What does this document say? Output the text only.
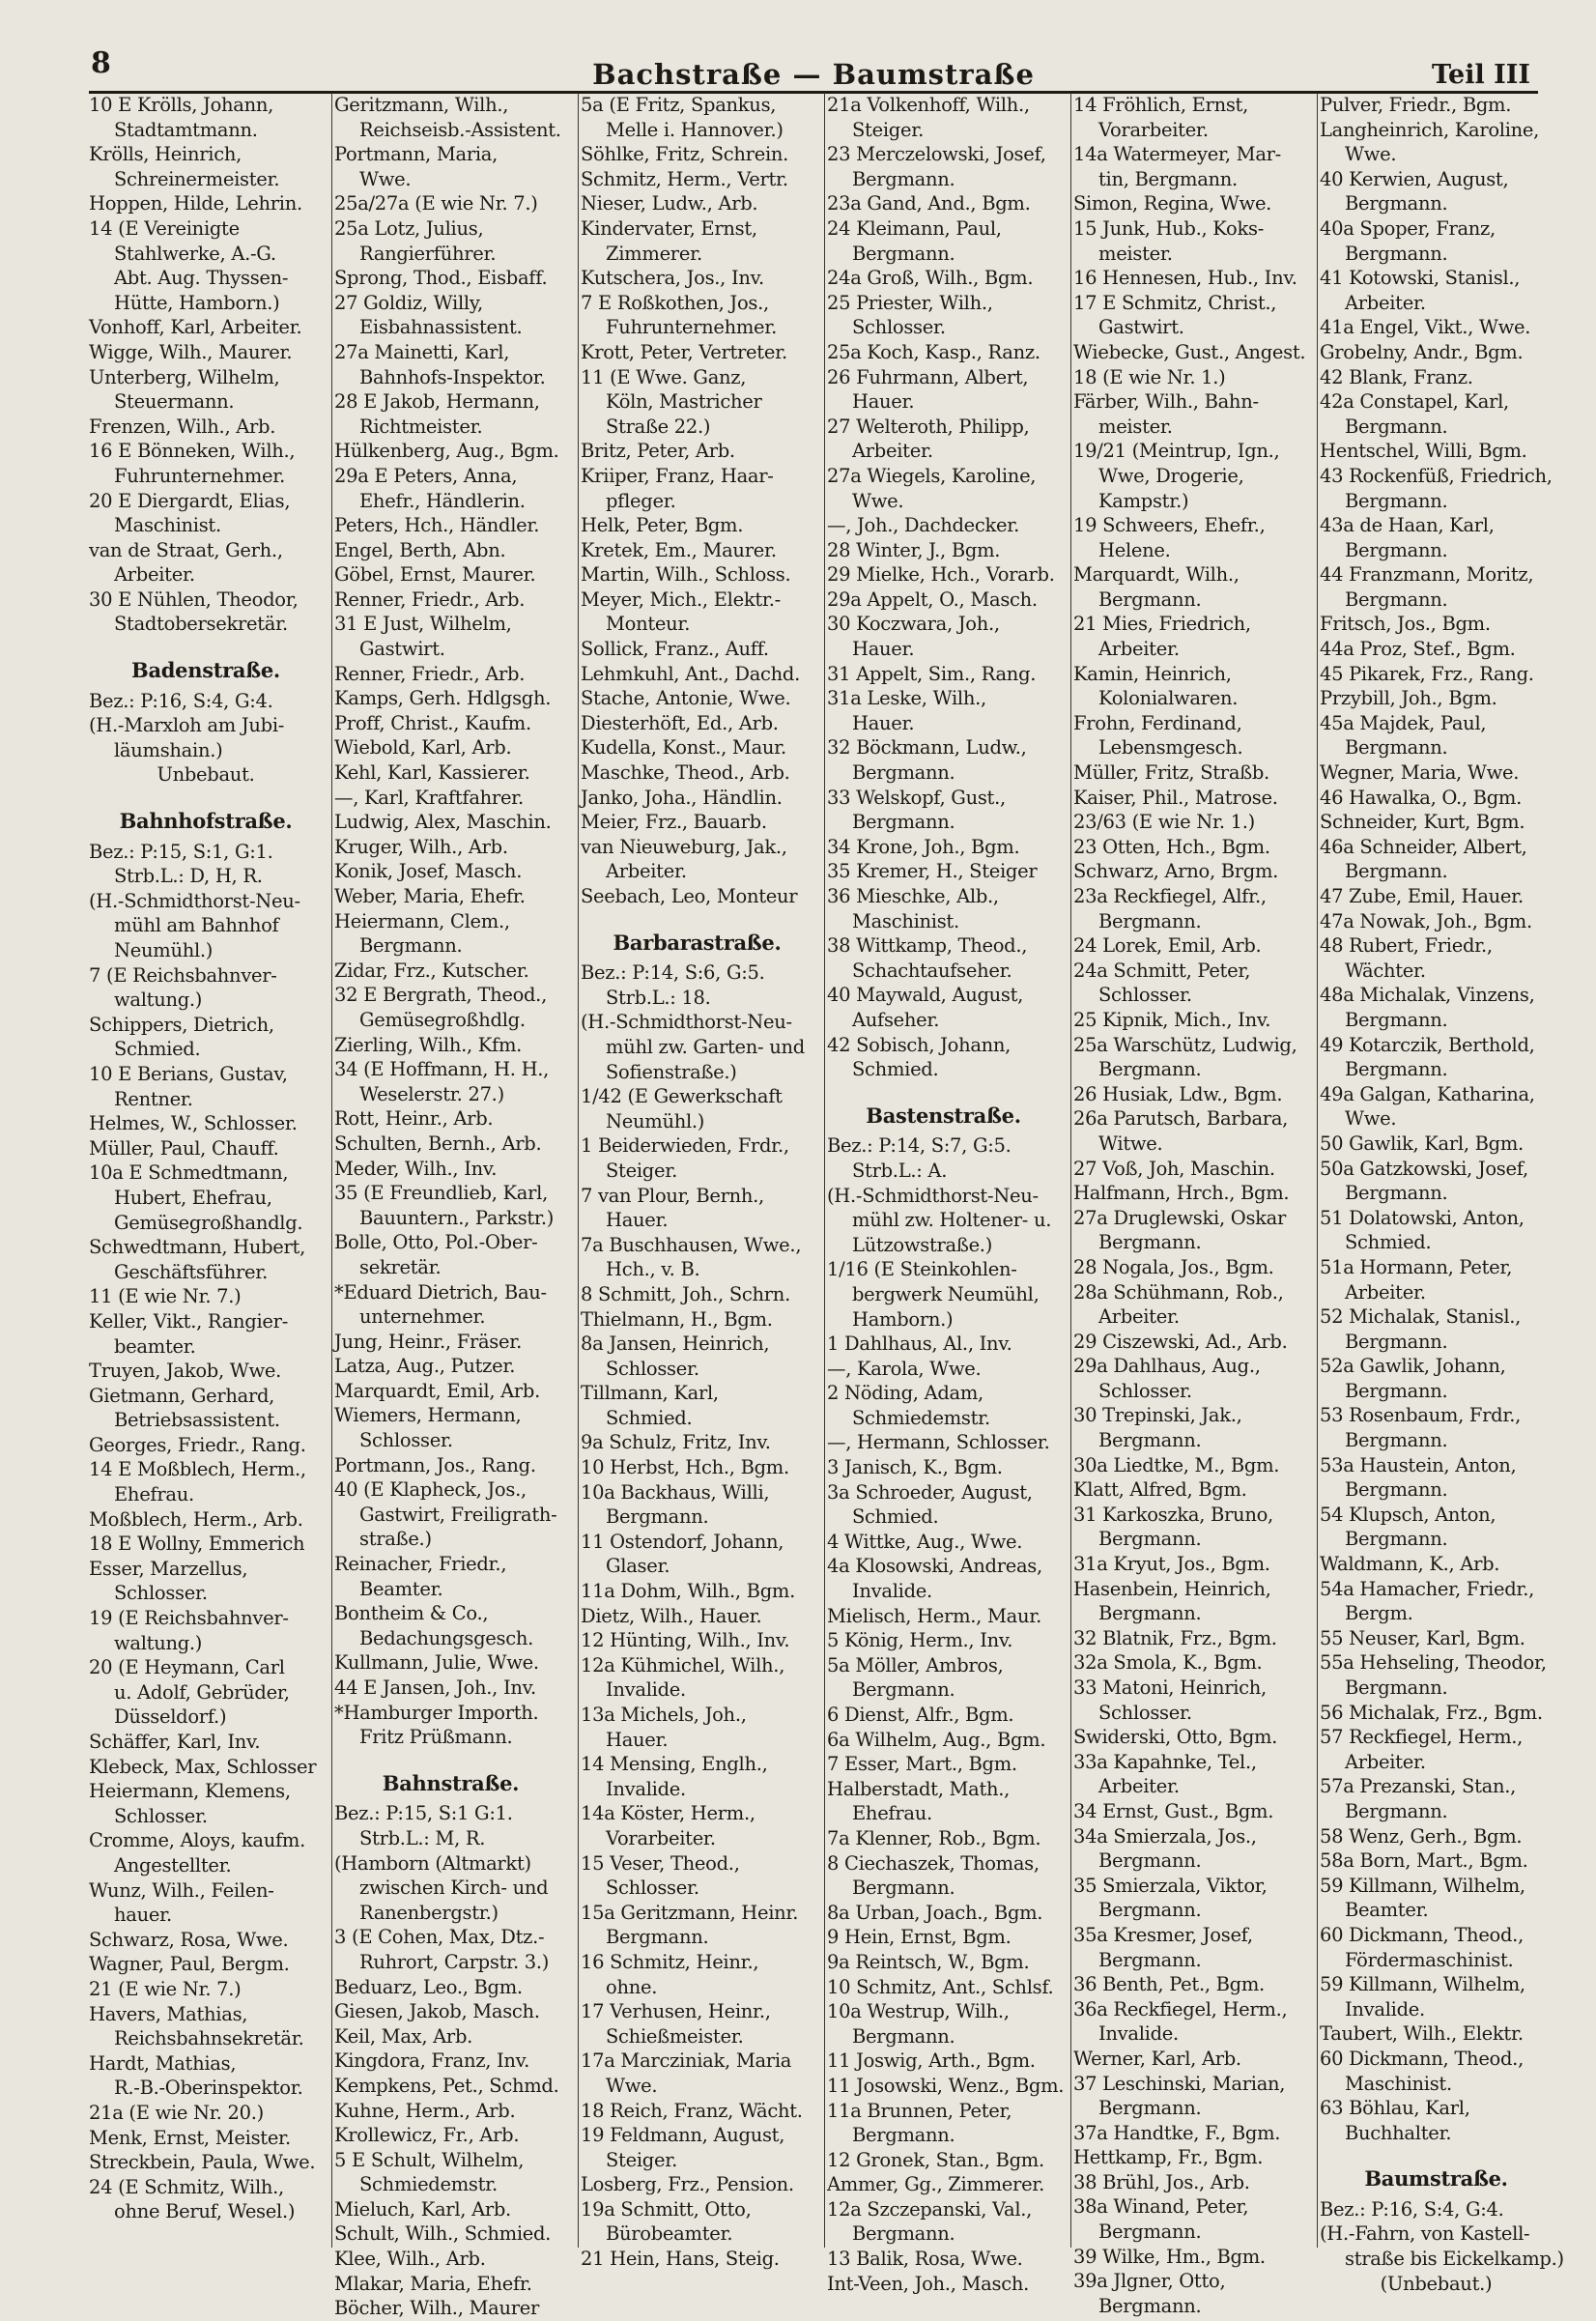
8	Bachstraße — Baumstraße	Teil III
10 E Krölls, Johann,
Stadtamtmann.
Krölls, Heinrich,
Schreinermeister.
Hoppen, Hilde, Lehrin.
14 (E Vereinigte
Stahlwerke, A.-G.
Abt. Aug. Thyssen-
Hütte, Hamborn.)
Vonhoff, Karl, Arbeiter.
Wigge, Wilh., Maurer.
Unterberg, Wilhelm,
Steuermann.
Frenzen, Wilh., Arb.
16 E Bönneken, Wilh.,
Fuhrunternehmer.
20 E Diergardt, Elias,
Maschinist.
van de Straat, Gerh.,
Arbeiter.
30 E Nühlen, Theodor,
Stadtobersekretär.
Badenstraße.
Bez.: P:16, S:4, G:4.
(H.-Marxloh am Jubi-
läumshain.)
Unbebaut.
Bahnhofstraße.
Bez.: P:15, S:1, G:1.
Strb.L.: D, H, R.
(H.-Schmidthorst-Neu-
mühl am Bahnhof
Neumühl.)
7 (E Reichsbahnver-
waltung.)
Schippers, Dietrich,
Schmied.
10 E Berians, Gustav,
Rentner.
Helmes, W., Schlosser.
Müller, Paul, Chauff.
10a E Schmedtmann,
Hubert, Ehefrau,
Gemüsegroßhandlg.
Schwedtmann, Hubert,
Geschäftsführer.
11 (E wie Nr. 7.)
Keller, Vikt., Rangier-
beamter.
Truyen, Jakob, Wwe.
Gietmann, Gerhard,
Betriebsassistent.
Georges, Friedr., Rang.
14 E Moßblech, Herm.,
Ehefrau.
Moßblech, Herm., Arb.
18 E Wollny, Emmerich
Esser, Marzellus,
Schlosser.
19 (E Reichsbahnver-
waltung.)
20 (E Heymann, Carl
u. Adolf, Gebrüder,
Düsseldorf.)
Schäffer, Karl, Inv.
Klebeck, Max, Schlosser
Heiermann, Klemens,
Schlosser.
Cromme, Aloys, kaufm.
Angestellter.
Wunz, Wilh., Feilen-
hauer.
Schwarz, Rosa, Wwe.
Wagner, Paul, Bergm.
21 (E wie Nr. 7.)
Havers, Mathias,
Reichsbahnsekretär.
Hardt, Mathias,
R.-B.-Oberinspektor.
21a (E wie Nr. 20.)
Menk, Ernst, Meister.
Streckbein, Paula, Wwe.
24 (E Schmitz, Wilh.,
ohne Beruf, Wesel.)
Geritzmann, Wilh.,
Reichseisb.-Assistent.
Portmann, Maria,
Wwe.
25a/27a (E wie Nr. 7.)
25a Lotz, Julius,
Rangierführer.
Sprong, Thod., Eisbaff.
27 Goldiz, Willy,
Eisbahnassistent.
27a Mainetti, Karl,
Bahnhofs-Inspektor.
28 E Jakob, Hermann,
Richtmeister.
Hülkenberg, Aug., Bgm.
29a E Peters, Anna,
Ehefr., Händlerin.
Peters, Hch., Händler.
Engel, Berth, Abn.
Göbel, Ernst, Maurer.
Renner, Friedr., Arb.
31 E Just, Wilhelm,
Gastwirt.
Renner, Friedr., Arb.
Kamps, Gerh. Hdlgsgh.
Proff, Christ., Kaufm.
Wiebold, Karl, Arb.
Kehl, Karl, Kassierer.
—, Karl, Kraftfahrer.
Ludwig, Alex, Maschin.
Kruger, Wilh., Arb.
Konik, Josef, Masch.
Weber, Maria, Ehefr.
Heiermann, Clem.,
Bergmann.
Zidar, Frz., Kutscher.
32 E Bergrath, Theod.,
Gemüsegroßhdlg.
Zierling, Wilh., Kfm.
34 (E Hoffmann, H. H.,
Weselerstr. 27.)
Rott, Heinr., Arb.
Schulten, Bernh., Arb.
Meder, Wilh., Inv.
35 (E Freundlieb, Karl,
Bauuntern., Parkstr.)
Bolle, Otto, Pol.-Ober-
sekretär.
*Eduard Dietrich, Bau-
unternehmer.
Jung, Heinr., Fräser.
Latza, Aug., Putzer.
Marquardt, Emil, Arb.
Wiemers, Hermann,
Schlosser.
Portmann, Jos., Rang.
40 (E Klapheck, Jos.,
Gastwirt, Freiligrath-
straße.)
Reinacher, Friedr.,
Beamter.
Bontheim & Co.,
Bedachungsgesch.
Kullmann, Julie, Wwe.
44 E Jansen, Joh., Inv.
*Hamburger Importh.
Fritz Prüßmann.
Bahnstraße.
Bez.: P:15, S:1 G:1.
Strb.L.: M, R.
(Hamborn (Altmarkt)
zwischen Kirch- und
Ranenbergstr.)
3 (E Cohen, Max, Dtz.-
Ruhrort, Carpstr. 3.)
Beduarz, Leo., Bgm.
Giesen, Jakob, Masch.
Keil, Max, Arb.
Kingdora, Franz, Inv.
Kempkens, Pet., Schmd.
Kuhne, Herm., Arb.
Krollewicz, Fr., Arb.
5 E Schult, Wilhelm,
Schmiedemstr.
Mieluch, Karl, Arb.
Schult, Wilh., Schmied.
Klee, Wilh., Arb.
Mlakar, Maria, Ehefr.
Böcher, Wilh., Maurer
5a (E Fritz, Spankus,
Melle i. Hannover.)
Söhlke, Fritz, Schrein.
Schmitz, Herm., Vertr.
Nieser, Ludw., Arb.
Kindervater, Ernst,
Zimmerer.
Kutschera, Jos., Inv.
7 E Roßkothen, Jos.,
Fuhrunternehmer.
Krott, Peter, Vertreter.
11 (E Wwe. Ganz,
Köln, Mastricher
Straße 22.)
Britz, Peter, Arb.
Kriiper, Franz, Haar-
pfleger.
Helk, Peter, Bgm.
Kretek, Em., Maurer.
Martin, Wilh., Schloss.
Meyer, Mich., Elektr.-
Monteur.
Sollick, Franz., Auff.
Lehmkuhl, Ant., Dachd.
Stache, Antonie, Wwe.
Diesterhöft, Ed., Arb.
Kudella, Konst., Maur.
Maschke, Theod., Arb.
Janko, Joha., Händlin.
Meier, Frz., Bauarb.
van Nieuweburg, Jak.,
Arbeiter.
Seebach, Leo, Monteur
Barbarastraße.
Bez.: P:14, S:6, G:5.
Strb.L.: 18.
(H.-Schmidthorst-Neu-
mühl zw. Garten- und
Sofienstraße.)
1/42 (E Gewerkschaft
Neumühl.)
1 Beiderwieden, Frdr.,
Steiger.
7 van Plour, Bernh.,
Hauer.
7a Buschhausen, Wwe.,
Hch., v. B.
8 Schmitt, Joh., Schrn.
Thielmann, H., Bgm.
8a Jansen, Heinrich,
Schlosser.
Tillmann, Karl,
Schmied.
9a Schulz, Fritz, Inv.
10 Herbst, Hch., Bgm.
10a Backhaus, Willi,
Bergmann.
11 Ostendorf, Johann,
Glaser.
11a Dohm, Wilh., Bgm.
Dietz, Wilh., Hauer.
12 Hünting, Wilh., Inv.
12a Kühmichel, Wilh.,
Invalide.
13a Michels, Joh.,
Hauer.
14 Mensing, Englh.,
Invalide.
14a Köster, Herm.,
Vorarbeiter.
15 Veser, Theod.,
Schlosser.
15a Geritzmann, Heinr.
Bergmann.
16 Schmitz, Heinr.,
ohne.
17 Verhusen, Heinr.,
Schießmeister.
17a Marcziniak, Maria
Wwe.
18 Reich, Franz, Wächt.
19 Feldmann, August,
Steiger.
Losberg, Frz., Pension.
19a Schmitt, Otto,
Bürobeamter.
21 Hein, Hans, Steig.
21a Volkenhoff, Wilh.,
Steiger.
23 Merczelowski, Josef,
Bergmann.
23a Gand, And., Bgm.
24 Kleimann, Paul,
Bergmann.
24a Groß, Wilh., Bgm.
25 Priester, Wilh.,
Schlosser.
25a Koch, Kasp., Ranz.
26 Fuhrmann, Albert,
Hauer.
27 Welteroth, Philipp,
Arbeiter.
27a Wiegels, Karoline,
Wwe.
—, Joh., Dachdecker.
28 Winter, J., Bgm.
29 Mielke, Hch., Vorarb.
29a Appelt, O., Masch.
30 Koczwara, Joh.,
Hauer.
31 Appelt, Sim., Rang.
31a Leske, Wilh.,
Hauer.
32 Böckmann, Ludw.,
Bergmann.
33 Welskopf, Gust.,
Bergmann.
34 Krone, Joh., Bgm.
35 Kremer, H., Steiger
36 Mieschke, Alb.,
Maschinist.
38 Wittkamp, Theod.,
Schachtaufseher.
40 Maywald, August,
Aufseher.
42 Sobisch, Johann,
Schmied.
Bastenstraße.
Bez.: P:14, S:7, G:5.
Strb.L.: A.
(H.-Schmidthorst-Neu-
mühl zw. Holtener- u.
Lützowstraße.)
1/16 (E Steinkohlen-
bergwerk Neumühl,
Hamborn.)
1 Dahlhaus, Al., Inv.
—, Karola, Wwe.
2 Nöding, Adam,
Schmiedemstr.
—, Hermann, Schlosser.
3 Janisch, K., Bgm.
3a Schroeder, August,
Schmied.
4 Wittke, Aug., Wwe.
4a Klosowski, Andreas,
Invalide.
Mielisch, Herm., Maur.
5 König, Herm., Inv.
5a Möller, Ambros,
Bergmann.
6 Dienst, Alfr., Bgm.
6a Wilhelm, Aug., Bgm.
7 Esser, Mart., Bgm.
Halberstadt, Math.,
Ehefrau.
7a Klenner, Rob., Bgm.
8 Ciechaszek, Thomas,
Bergmann.
8a Urban, Joach., Bgm.
9 Hein, Ernst, Bgm.
9a Reintsch, W., Bgm.
10 Schmitz, Ant., Schlsf.
10a Westrup, Wilh.,
Bergmann.
11 Joswig, Arth., Bgm.
11 Josowski, Wenz., Bgm.
11a Brunnen, Peter,
Bergmann.
12 Gronek, Stan., Bgm.
Ammer, Gg., Zimmerer.
12a Szczepanski, Val.,
Bergmann.
13 Balik, Rosa, Wwe.
Int-Veen, Joh., Masch.
14 Fröhlich, Ernst,
Vorarbeiter.
14a Watermeyer, Mar-
tin, Bergmann.
Simon, Regina, Wwe.
15 Junk, Hub., Koks-
meister.
16 Hennesen, Hub., Inv.
17 E Schmitz, Christ.,
Gastwirt.
Wiebecke, Gust., Angest.
18 (E wie Nr. 1.)
Färber, Wilh., Bahn-
meister.
19/21 (Meintrup, Ign.,
Wwe, Drogerie,
Kampstr.)
19 Schweers, Ehefr.,
Helene.
Marquardt, Wilh.,
Bergmann.
21 Mies, Friedrich,
Arbeiter.
Kamin, Heinrich,
Kolonialwaren.
Frohn, Ferdinand,
Lebensmgesch.
Müller, Fritz, Straßb.
Kaiser, Phil., Matrose.
23/63 (E wie Nr. 1.)
23 Otten, Hch., Bgm.
Schwarz, Arno, Brgm.
23a Reckfiegel, Alfr.,
Bergmann.
24 Lorek, Emil, Arb.
24a Schmitt, Peter,
Schlosser.
25 Kipnik, Mich., Inv.
25a Warschütz, Ludwig,
Bergmann.
26 Husiak, Ldw., Bgm.
26a Parutsch, Barbara,
Witwe.
27 Voß, Joh, Maschin.
Halfmann, Hrch., Bgm.
27a Druglewski, Oskar
Bergmann.
28 Nogala, Jos., Bgm.
28a Schühmann, Rob.,
Arbeiter.
29 Ciszewski, Ad., Arb.
29a Dahlhaus, Aug.,
Schlosser.
30 Trepinski, Jak.,
Bergmann.
30a Liedtke, M., Bgm.
Klatt, Alfred, Bgm.
31 Karkoszka, Bruno,
Bergmann.
31a Kryut, Jos., Bgm.
Hasenbein, Heinrich,
Bergmann.
32 Blatnik, Frz., Bgm.
32a Smola, K., Bgm.
33 Matoni, Heinrich,
Schlosser.
Swiderski, Otto, Bgm.
33a Kapahnke, Tel.,
Arbeiter.
34 Ernst, Gust., Bgm.
34a Smierzala, Jos.,
Bergmann.
35 Smierzala, Viktor,
Bergmann.
35a Kresmer, Josef,
Bergmann.
36 Benth, Pet., Bgm.
36a Reckfiegel, Herm.,
Invalide.
Werner, Karl, Arb.
37 Leschinski, Marian,
Bergmann.
37a Handtke, F., Bgm.
Hettkamp, Fr., Bgm.
38 Brühl, Jos., Arb.
38a Winand, Peter,
Bergmann.
39 Wilke, Hm., Bgm.
39a Jlgner, Otto,
Bergmann.
Pulver, Friedr., Bgm.
Langheinrich, Karoline,
Wwe.
40 Kerwien, August,
Bergmann.
40a Spoper, Franz,
Bergmann.
41 Kotowski, Stanisl.,
Arbeiter.
41a Engel, Vikt., Wwe.
Grobelny, Andr., Bgm.
42 Blank, Franz.
42a Constapel, Karl,
Bergmann.
Hentschel, Willi, Bgm.
43 Rockenfüß, Friedrich,
Bergmann.
43a de Haan, Karl,
Bergmann.
44 Franzmann, Moritz,
Bergmann.
Fritsch, Jos., Bgm.
44a Proz, Stef., Bgm.
45 Pikarek, Frz., Rang.
Przybill, Joh., Bgm.
45a Majdek, Paul,
Bergmann.
Wegner, Maria, Wwe.
46 Hawalka, O., Bgm.
Schneider, Kurt, Bgm.
46a Schneider, Albert,
Bergmann.
47 Zube, Emil, Hauer.
47a Nowak, Joh., Bgm.
48 Rubert, Friedr.,
Wächter.
48a Michalak, Vinzens,
Bergmann.
49 Kotarczik, Berthold,
Bergmann.
49a Galgan, Katharina,
Wwe.
50 Gawlik, Karl, Bgm.
50a Gatzkowski, Josef,
Bergmann.
51 Dolatowski, Anton,
Schmied.
51a Hormann, Peter,
Arbeiter.
52 Michalak, Stanisl.,
Bergmann.
52a Gawlik, Johann,
Bergmann.
53 Rosenbaum, Frdr.,
Bergmann.
53a Haustein, Anton,
Bergmann.
54 Klupsch, Anton,
Bergmann.
Waldmann, K., Arb.
54a Hamacher, Friedr.,
Bergm.
55 Neuser, Karl, Bgm.
55a Hehseling, Theodor,
Bergmann.
56 Michalak, Frz., Bgm.
57 Reckfiegel, Herm.,
Arbeiter.
57a Prezanski, Stan.,
Bergmann.
58 Wenz, Gerh., Bgm.
58a Born, Mart., Bgm.
59 Killmann, Wilhelm,
Beamter.
60 Dickmann, Theod.,
Fördermaschinist.
59 Killmann, Wilhelm,
Invalide.
Taubert, Wilh., Elektr.
60 Dickmann, Theod.,
Maschinist.
63 Böhlau, Karl,
Buchhalter.
Baumstraße.
Bez.: P:16, S:4, G:4.
(H.-Fahrn, von Kastell-
straße bis Eickelkamp.)
(Unbebaut.)
